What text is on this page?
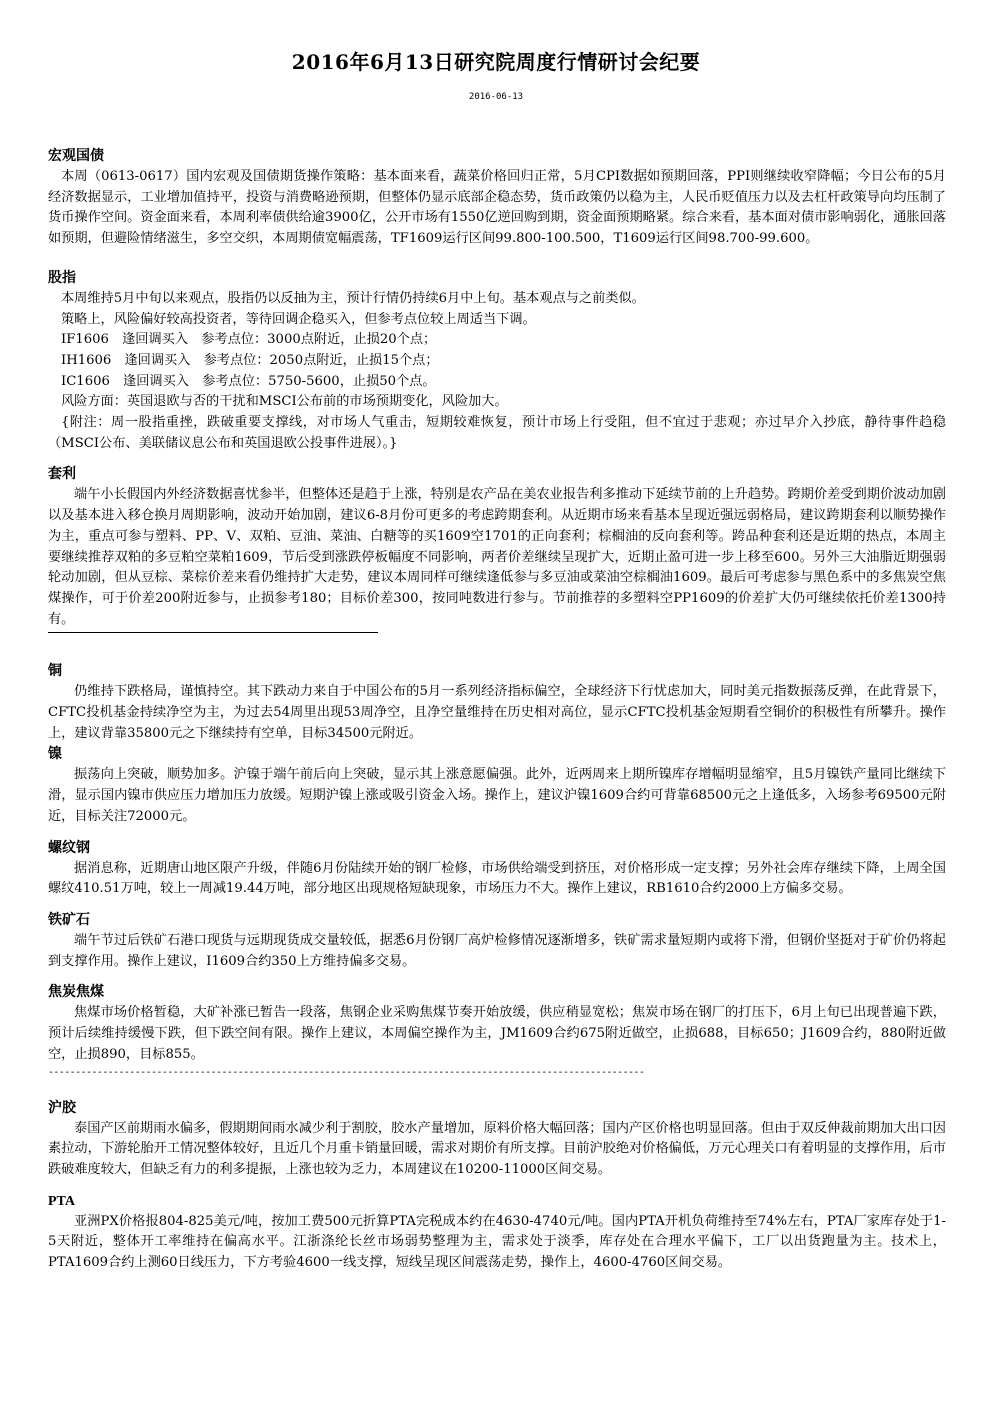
2016年6月13日研究院周度行情研讨会纪要
2016-06-13

宏观国债

本周（0613-0617）国内宏观及国债期货操作策略：基本面来看，蔬菜价格回归正常，5月CPI数据如预期回落，PPI则继续收窄降幅；今日公布的5月经济数据显示，工业增加值持平，投资与消费略逊预期，但整体仍显示底部企稳态势，货币政策仍以稳为主，人民币贬值压力以及去杠杆政策导向均压制了货币操作空间。资金面来看，本周利率债供给逾3900亿，公开市场有1550亿逆回购到期，资金面预期略紧。综合来看，基本面对债市影响弱化，通胀回落如预期，但避险情绪滋生，多空交织，本周期债宽幅震荡，TF1609运行区间99.800-100.500，T1609运行区间98.700-99.600。

股指

本周维持5月中旬以来观点，股指仍以反抽为主，预计行情仍持续6月中上旬。基本观点与之前类似。

策略上，风险偏好较高投资者，等待回调企稳买入，但参考点位较上周适当下调。

IF1606　逢回调买入　参考点位：3000点附近，止损20个点；

IH1606　逢回调买入　参考点位：2050点附近，止损15个点；

IC1606　逢回调买入　参考点位：5750-5600，止损50个点。

风险方面：英国退欧与否的干扰和MSCI公布前的市场预期变化，风险加大。

{附注：周一股指重挫，跌破重要支撑线，对市场人气重击，短期较难恢复，预计市场上行受阻，但不宜过于悲观；亦过早介入抄底，静待事件趋稳（MSCI公布、美联储议息公布和英国退欧公投事件进展）。}

套利

端午小长假国内外经济数据喜忧参半，但整体还是趋于上涨，特别是农产品在美农业报告利多推动下延续节前的上升趋势。跨期价差受到期价波动加剧以及基本进入移仓换月周期影响，波动开始加剧，建议6-8月份可更多的考虑跨期套利。从近期市场来看基本呈现近强远弱格局，建议跨期套利以顺势操作为主，重点可参与塑料、PP、V、双粕、豆油、菜油、白糖等的买1609空1701的正向套利；棕榈油的反向套利等。跨品种套利还是近期的热点，本周主要继续推荐双粕的多豆粕空菜粕1609，节后受到涨跌停板幅度不同影响，两者价差继续呈现扩大，近期止盈可进一步上移至600。另外三大油脂近期强弱轮动加剧，但从豆棕、菜棕价差来看仍维持扩大走势，建议本周同样可继续逢低参与多豆油或菜油空棕榈油1609。最后可考虑参与黑色系中的多焦炭空焦煤操作，可于价差200附近参与，止损参考180；目标价差300，按同吨数进行参与。节前推荐的多塑料空PP1609的价差扩大仍可继续依托价差1300持有。

铜

仍维持下跌格局，谨慎持空。其下跌动力来自于中国公布的5月一系列经济指标偏空，全球经济下行忧虑加大，同时美元指数振荡反弹，在此背景下，CFTC投机基金持续净空为主，为过去54周里出现53周净空，且净空量维持在历史相对高位，显示CFTC投机基金短期看空铜价的积极性有所攀升。操作上，建议背靠35800元之下继续持有空单，目标34500元附近。

镍

振荡向上突破，顺势加多。沪镍于端午前后向上突破，显示其上涨意愿偏强。此外，近两周来上期所镍库存增幅明显缩窄，且5月镍铁产量同比继续下滑，显示国内镍市供应压力增加压力放缓。短期沪镍上涨或吸引资金入场。操作上，建议沪镍1609合约可背靠68500元之上逢低多，入场参考69500元附近，目标关注72000元。

螺纹钢

据消息称，近期唐山地区限产升级，伴随6月份陆续开始的钢厂检修，市场供给端受到挤压，对价格形成一定支撑；另外社会库存继续下降，上周全国螺纹410.51万吨，较上一周减19.44万吨，部分地区出现规格短缺现象，市场压力不大。操作上建议，RB1610合约2000上方偏多交易。

铁矿石

端午节过后铁矿石港口现货与远期现货成交量较低，据悉6月份钢厂高炉检修情况逐渐增多，铁矿需求量短期内或将下滑，但钢价坚挺对于矿价仍将起到支撑作用。操作上建议，I1609合约350上方维持偏多交易。

焦炭焦煤

焦煤市场价格暂稳，大矿补涨已暂告一段落，焦钢企业采购焦煤节奏开始放缓，供应稍显宽松；焦炭市场在钢厂的打压下，6月上旬已出现普遍下跌，预计后续维持缓慢下跌，但下跌空间有限。操作上建议，本周偏空操作为主，JM1609合约675附近做空，止损688，目标650；J1609合约，880附近做空，止损890，目标855。

--------------------------------------------------------------------------------------------------------------

沪胶

泰国产区前期雨水偏多，假期期间雨水减少利于割胶，胶水产量增加，原料价格大幅回落；国内产区价格也明显回落。但由于双反伸裁前期加大出口因素拉动，下游轮胎开工情况整体较好，且近几个月重卡销量回暖，需求对期价有所支撑。目前沪胶绝对价格偏低，万元心理关口有着明显的支撑作用，后市跌破难度较大，但缺乏有力的利多提振，上涨也较为乏力，本周建议在10200-11000区间交易。

PTA

亚洲PX价格报804-825美元/吨，按加工费500元折算PTA完税成本约在4630-4740元/吨。国内PTA开机负荷维持至74%左右，PTA厂家库存处于1-5天附近，整体开工率维持在偏高水平。江浙涤纶长丝市场弱势整理为主，需求处于淡季，库存处在合理水平偏下，工厂以出货跑量为主。技术上，PTA1609合约上测60日线压力，下方考验4600一线支撑，短线呈现区间震荡走势，操作上，4600-4760区间交易。
